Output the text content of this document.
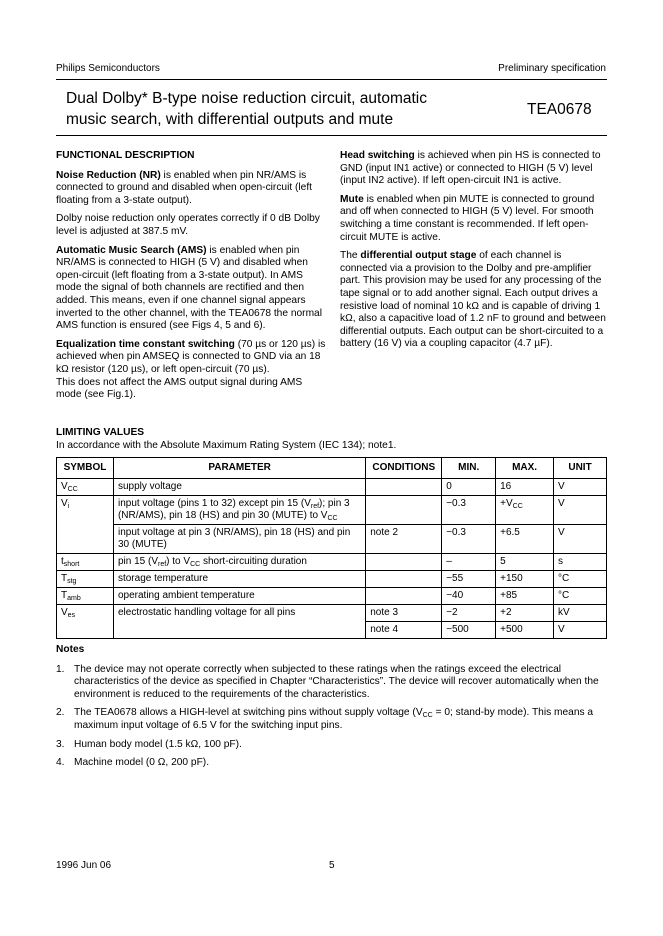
Philips Semiconductors	Preliminary specification
Dual Dolby* B-type noise reduction circuit, automatic
music search, with differential outputs and mute
TEA0678

FUNCTIONAL DESCRIPTION

Noise Reduction (NR) is enabled when pin NR/AMS is connected to ground and disabled when open-circuit (left floating from a 3-state output).

Dolby noise reduction only operates correctly if 0 dB Dolby level is adjusted at 387.5 mV.

Automatic Music Search (AMS) is enabled when pin NR/AMS is connected to HIGH (5 V) and disabled when open-circuit (left floating from a 3-state output). In AMS mode the signal of both channels are rectified and then added. This means, even if one channel signal appears inverted to the other channel, with the TEA0678 the normal AMS function is ensured (see Figs 4, 5 and 6).

Equalization time constant switching (70 µs or 120 µs) is achieved when pin AMSEQ is connected to GND via an 18 kΩ resistor (120 µs), or left open-circuit (70 µs).
This does not affect the AMS output signal during AMS mode (see Fig.1).

Head switching is achieved when pin HS is connected to GND (input IN1 active) or connected to HIGH (5 V) level (input IN2 active). If left open-circuit IN1 is active.

Mute is enabled when pin MUTE is connected to ground and off when connected to HIGH (5 V) level. For smooth switching a time constant is recommended. If left open-circuit MUTE is active.

The differential output stage of each channel is connected via a provision to the Dolby and pre-amplifier part. This provision may be used for any processing of the tape signal or to add another signal. Each output drives a resistive load of nominal 10 kΩ and is capable of driving 1 kΩ, also a capacitive load of 1.2 nF to ground and between differential outputs. Each output can be short-circuited to a battery (16 V) via a coupling capacitor (4.7 µF).

LIMITING VALUES
In accordance with the Absolute Maximum Rating System (IEC 134); note1.
SYMBOL	PARAMETER	CONDITIONS	MIN.	MAX.	UNIT
$V_{CC}$	supply voltage		0	16	V
$V_i$	input voltage (pins 1 to 32) except pin 15 $(V_{ref})$; pin 3 (NR/AMS), pin 18 (HS) and pin 30 (MUTE) to $V_{CC}$		−0.3	$+V_{CC}$	V
	input voltage at pin 3 (NR/AMS), pin 18 (HS) and pin 30 (MUTE)	note 2	−0.3	+6.5	V
$t_{short}$	pin 15 $(V_{ref})$ to $V_{CC}$ short-circuiting duration		–	5	s
$T_{stg}$	storage temperature		−55	+150	°C
$T_{amb}$	operating ambient temperature		−40	+85	°C
$V_{es}$	electrostatic handling voltage for all pins	note 3	−2	+2	kV
		note 4	−500	+500	V
Notes
1. The device may not operate correctly when subjected to these ratings when the ratings exceed the electrical characteristics of the device as specified in Chapter “Characteristics”. The device will recover automatically when the environment is reduced to the requirements of the characteristics.
2. The TEA0678 allows a HIGH-level at switching pins without supply voltage ($V_{CC} = 0$; stand-by mode). This means a maximum input voltage of 6.5 V for the switching input pins.
3. Human body model (1.5 kΩ, 100 pF).
4. Machine model (0 Ω, 200 pF).
1996 Jun 06	5
